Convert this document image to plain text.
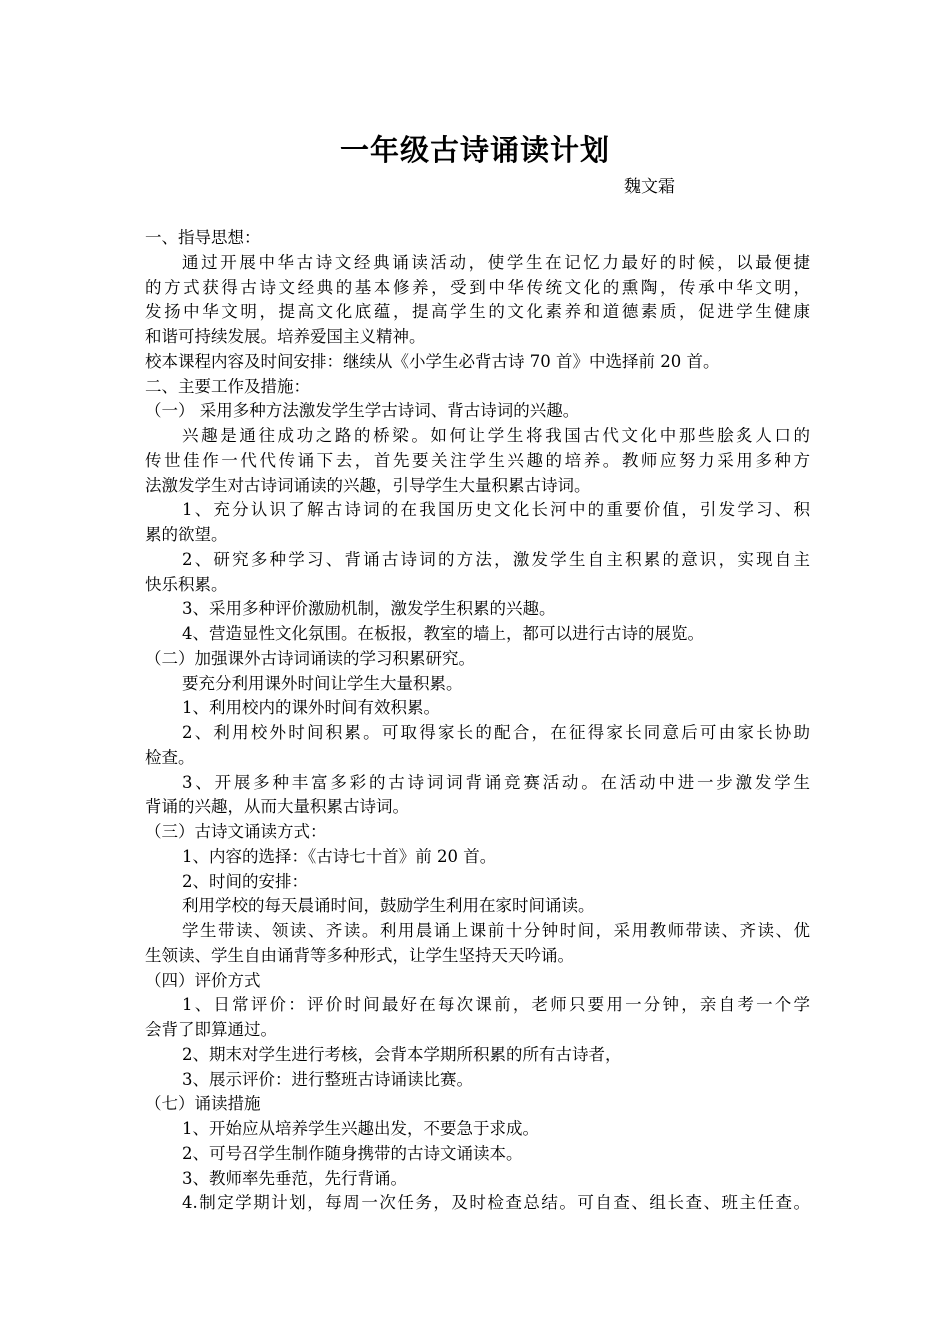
一年级古诗诵读计划
魏文霜
一、指导思想：
通过开展中华古诗文经典诵读活动，使学生在记忆力最好的时候，以最便捷
的方式获得古诗文经典的基本修养，受到中华传统文化的熏陶，传承中华文明，
发扬中华文明，提高文化底蕴，提高学生的文化素养和道德素质，促进学生健康
和谐可持续发展。培养爱国主义精神。
校本课程内容及时间安排：继续从《小学生必背古诗 70 首》中选择前 20 首。
二、主要工作及措施：
（一） 采用多种方法激发学生学古诗词、背古诗词的兴趣。
兴趣是通往成功之路的桥梁。如何让学生将我国古代文化中那些脍炙人口的
传世佳作一代代传诵下去，首先要关注学生兴趣的培养。教师应努力采用多种方
法激发学生对古诗词诵读的兴趣，引导学生大量积累古诗词。
1、充分认识了解古诗词的在我国历史文化长河中的重要价值，引发学习、积
累的欲望。
2、研究多种学习、背诵古诗词的方法，激发学生自主积累的意识，实现自主
快乐积累。
3、采用多种评价激励机制，激发学生积累的兴趣。
4、营造显性文化氛围。在板报，教室的墙上，都可以进行古诗的展览。
（二）加强课外古诗词诵读的学习积累研究。
要充分利用课外时间让学生大量积累。
1、利用校内的课外时间有效积累。
2、利用校外时间积累。可取得家长的配合，在征得家长同意后可由家长协助
检查。
3、开展多种丰富多彩的古诗词词背诵竞赛活动。在活动中进一步激发学生
背诵的兴趣，从而大量积累古诗词。
（三）古诗文诵读方式：
1、内容的选择：《古诗七十首》前 20 首。
2、时间的安排：
利用学校的每天晨诵时间，鼓励学生利用在家时间诵读。
学生带读、领读、齐读。利用晨诵上课前十分钟时间，采用教师带读、齐读、优
生领读、学生自由诵背等多种形式，让学生坚持天天吟诵。
（四）评价方式
1、日常评价：评价时间最好在每次课前，老师只要用一分钟，亲自考一个学
会背了即算通过。
2、期末对学生进行考核，会背本学期所积累的所有古诗者，
3、展示评价：进行整班古诗诵读比赛。
（七）诵读措施
1、开始应从培养学生兴趣出发，不要急于求成。
2、可号召学生制作随身携带的古诗文诵读本。
3、教师率先垂范，先行背诵。
4.制定学期计划，每周一次任务，及时检查总结。可自查、组长查、班主任查。
